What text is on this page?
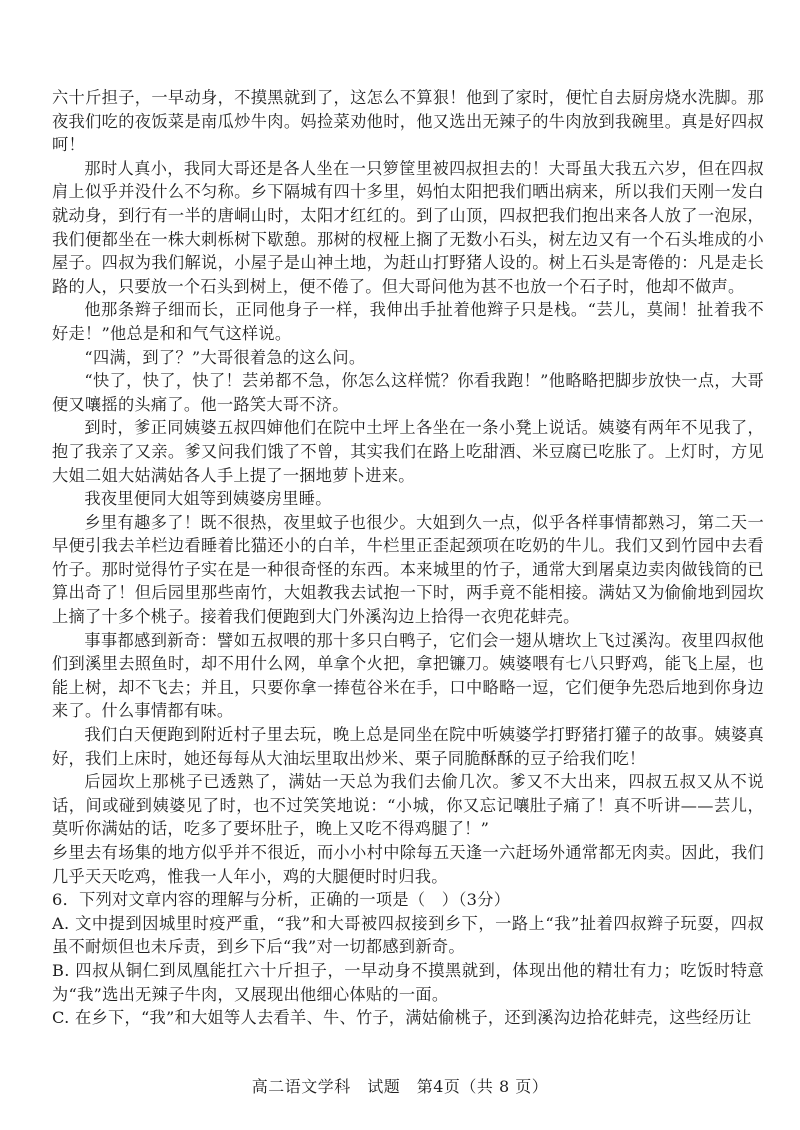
六十斤担子，一早动身，不摸黑就到了，这怎么不算狠！他到了家时，便忙自去厨房烧水洗脚。那夜我们吃的夜饭菜是南瓜炒牛肉。妈捡菜劝他时，他又选出无辣子的牛肉放到我碗里。真是好四叔呵！

那时人真小，我同大哥还是各人坐在一只箩筐里被四叔担去的！大哥虽大我五六岁，但在四叔肩上似乎并没什么不匀称。乡下隔城有四十多里，妈怕太阳把我们晒出病来，所以我们天刚一发白就动身，到行有一半的唐峒山时，太阳才红红的。到了山顶，四叔把我们抱出来各人放了一泡尿，我们便都坐在一株大刺栎树下歇憩。那树的杈桠上搁了无数小石头，树左边又有一个石头堆成的小屋子。四叔为我们解说，小屋子是山神土地，为赶山打野猪人设的。树上石头是寄倦的：凡是走长路的人，只要放一个石头到树上，便不倦了。但大哥问他为甚不也放一个石子时，他却不做声。

他那条辫子细而长，正同他身子一样，我伸出手扯着他辫子只是栈。“芸儿，莫闹！扯着我不好走！”他总是和和气气这样说。

“四满，到了？”大哥很着急的这么问。

“快了，快了，快了！芸弟都不急，你怎么这样慌？你看我跑！”他略略把脚步放快一点，大哥便又嚷摇的头痛了。他一路笑大哥不济。

到时，爹正同姨婆五叔四婶他们在院中土坪上各坐在一条小凳上说话。姨婆有两年不见我了，抱了我亲了又亲。爹又问我们饿了不曾，其实我们在路上吃甜酒、米豆腐已吃胀了。上灯时，方见大姐二姐大姑满姑各人手上提了一捆地萝卜进来。

我夜里便同大姐等到姨婆房里睡。

乡里有趣多了！既不很热，夜里蚊子也很少。大姐到久一点，似乎各样事情都熟习，第二天一早便引我去羊栏边看睡着比猫还小的白羊，牛栏里正歪起颈项在吃奶的牛儿。我们又到竹园中去看竹子。那时觉得竹子实在是一种很奇怪的东西。本来城里的竹子，通常大到屠桌边卖肉做钱筒的已算出奇了！但后园里那些南竹，大姐教我去试抱一下时，两手竟不能相接。满姑又为偷偷地到园坎上摘了十多个桃子。接着我们便跑到大门外溪沟边上拾得一衣兜花蚌壳。

事事都感到新奇：譬如五叔喂的那十多只白鸭子，它们会一翅从塘坎上飞过溪沟。夜里四叔他们到溪里去照鱼时，却不用什么网，单拿个火把，拿把镰刀。姨婆喂有七八只野鸡，能飞上屋，也能上树，却不飞去；并且，只要你拿一捧苞谷米在手，口中略略一逗，它们便争先恐后地到你身边来了。什么事情都有味。

我们白天便跑到附近村子里去玩，晚上总是同坐在院中听姨婆学打野猪打獾子的故事。姨婆真好，我们上床时，她还每每从大油坛里取出炒米、栗子同脆酥酥的豆子给我们吃！

后园坎上那桃子已透熟了，满姑一天总为我们去偷几次。爹又不大出来，四叔五叔又从不说话，间或碰到姨婆见了时，也不过笑笑地说：“小城，你又忘记嚷肚子痛了！真不听讲——芸儿，莫听你满姑的话，吃多了要坏肚子，晚上又吃不得鸡腿了！”

乡里去有场集的地方似乎并不很近，而小小村中除每五天逢一六赶场外通常都无肉卖。因此，我们几乎天天吃鸡，惟我一人年小，鸡的大腿便时时归我。

6．下列对文章内容的理解与分析，正确的一项是（　）（3分）

A. 文中提到因城里时疫严重，“我”和大哥被四叔接到乡下，一路上“我”扯着四叔辫子玩耍，四叔虽不耐烦但也未斥责，到乡下后“我”对一切都感到新奇。

B. 四叔从铜仁到凤凰能扛六十斤担子，一早动身不摸黑就到，体现出他的精壮有力；吃饭时特意为“我”选出无辣子牛肉，又展现出他细心体贴的一面。

C. 在乡下，“我”和大姐等人去看羊、牛、竹子，满姑偷桃子，还到溪沟边拾花蚌壳，这些经历让

高二语文学科　试题　第4页（共 8 页）
